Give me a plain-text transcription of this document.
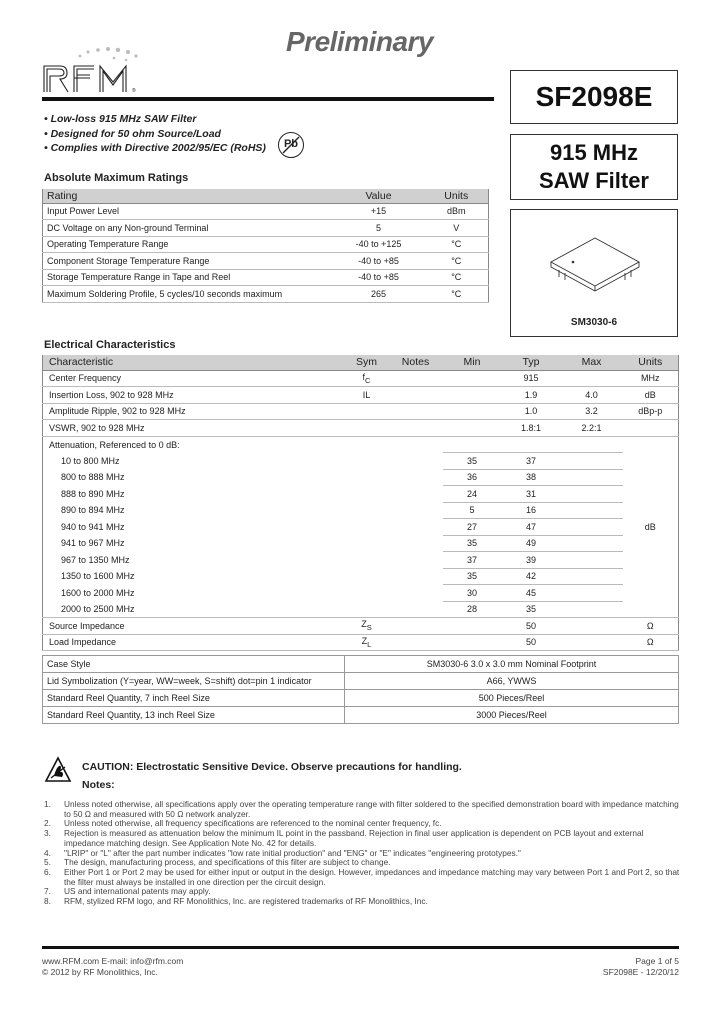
Preliminary
®	SF2098E
915 MHz
SAW Filter
SM3030-6
• Low-loss 915 MHz SAW Filter
• Designed for 50 ohm Source/Load
• Complies with Directive 2002/95/EC (RoHS)	Pb
Absolute Maximum Ratings
Rating	Value	Units
Input Power Level	+15	dBm
DC Voltage on any Non-ground Terminal	5	V
Operating Temperature Range	-40 to +125	°C
Component Storage Temperature Range	-40 to +85	°C
Storage Temperature Range in Tape and Reel	-40 to +85	°C
Maximum Soldering Profile, 5 cycles/10 seconds maximum	265	°C
Electrical Characteristics
Characteristic	Sym	Notes	Min	Typ	Max	Units
Center Frequency	$f_C$			915		MHz
Insertion Loss, 902 to 928 MHz	IL			1.9	4.0	dB
Amplitude Ripple, 902 to 928 MHz				1.0	3.2	dBp-p
VSWR, 902 to 928 MHz				1.8:1	2.2:1	
Attenuation, Referenced to 0 dB:						
10 to 800 MHz			35	37		
800 to 888 MHz			36	38		
888 to 890 MHz			24	31		
890 to 894 MHz			5	16		
940 to 941 MHz			27	47		dB
941 to 967 MHz			35	49		
967 to 1350 MHz			37	39		
1350 to 1600 MHz			35	42		
1600 to 2000 MHz			30	45		
2000 to 2500 MHz			28	35		
Source Impedance	$Z_S$			50		Ω
Load Impedance	$Z_L$			50		Ω
Case Style	SM3030-6 3.0 x 3.0 mm Nominal Footprint
Lid Symbolization (Y=year, WW=week, S=shift) dot=pin 1 indicator	A66, YWWS
Standard Reel Quantity, 7 inch Reel Size	500 Pieces/Reel
Standard Reel Quantity, 13 inch Reel Size	3000 Pieces/Reel
CAUTION: Electrostatic Sensitive Device. Observe precautions for handling.
Notes:
1.	Unless noted otherwise, all specifications apply over the operating temperature range with filter soldered to the specified demonstration board with impedance matching to 50 Ω and measured with 50 Ω network analyzer.
2.	Unless noted otherwise, all frequency specifications are referenced to the nominal center frequency, fc.
3.	Rejection is measured as attenuation below the minimum IL point in the passband. Rejection in final user application is dependent on PCB layout and external impedance matching design. See Application Note No. 42 for details.
4.	"LRIP" or "L" after the part number indicates "low rate initial production" and "ENG" or "E" indicates "engineering prototypes."
5.	The design, manufacturing process, and specifications of this filter are subject to change.
6.	Either Port 1 or Port 2 may be used for either input or output in the design. However, impedances and impedance matching may vary between Port 1 and Port 2, so that the filter must always be installed in one direction per the circuit design.
7.	US and international patents may apply.
8.	RFM, stylized RFM logo, and RF Monolithics, Inc. are registered trademarks of RF Monolithics, Inc.
www.RFM.com E-mail: info@rfm.com
© 2012 by RF Monolithics, Inc.
Page 1 of 5
SF2098E - 12/20/12
